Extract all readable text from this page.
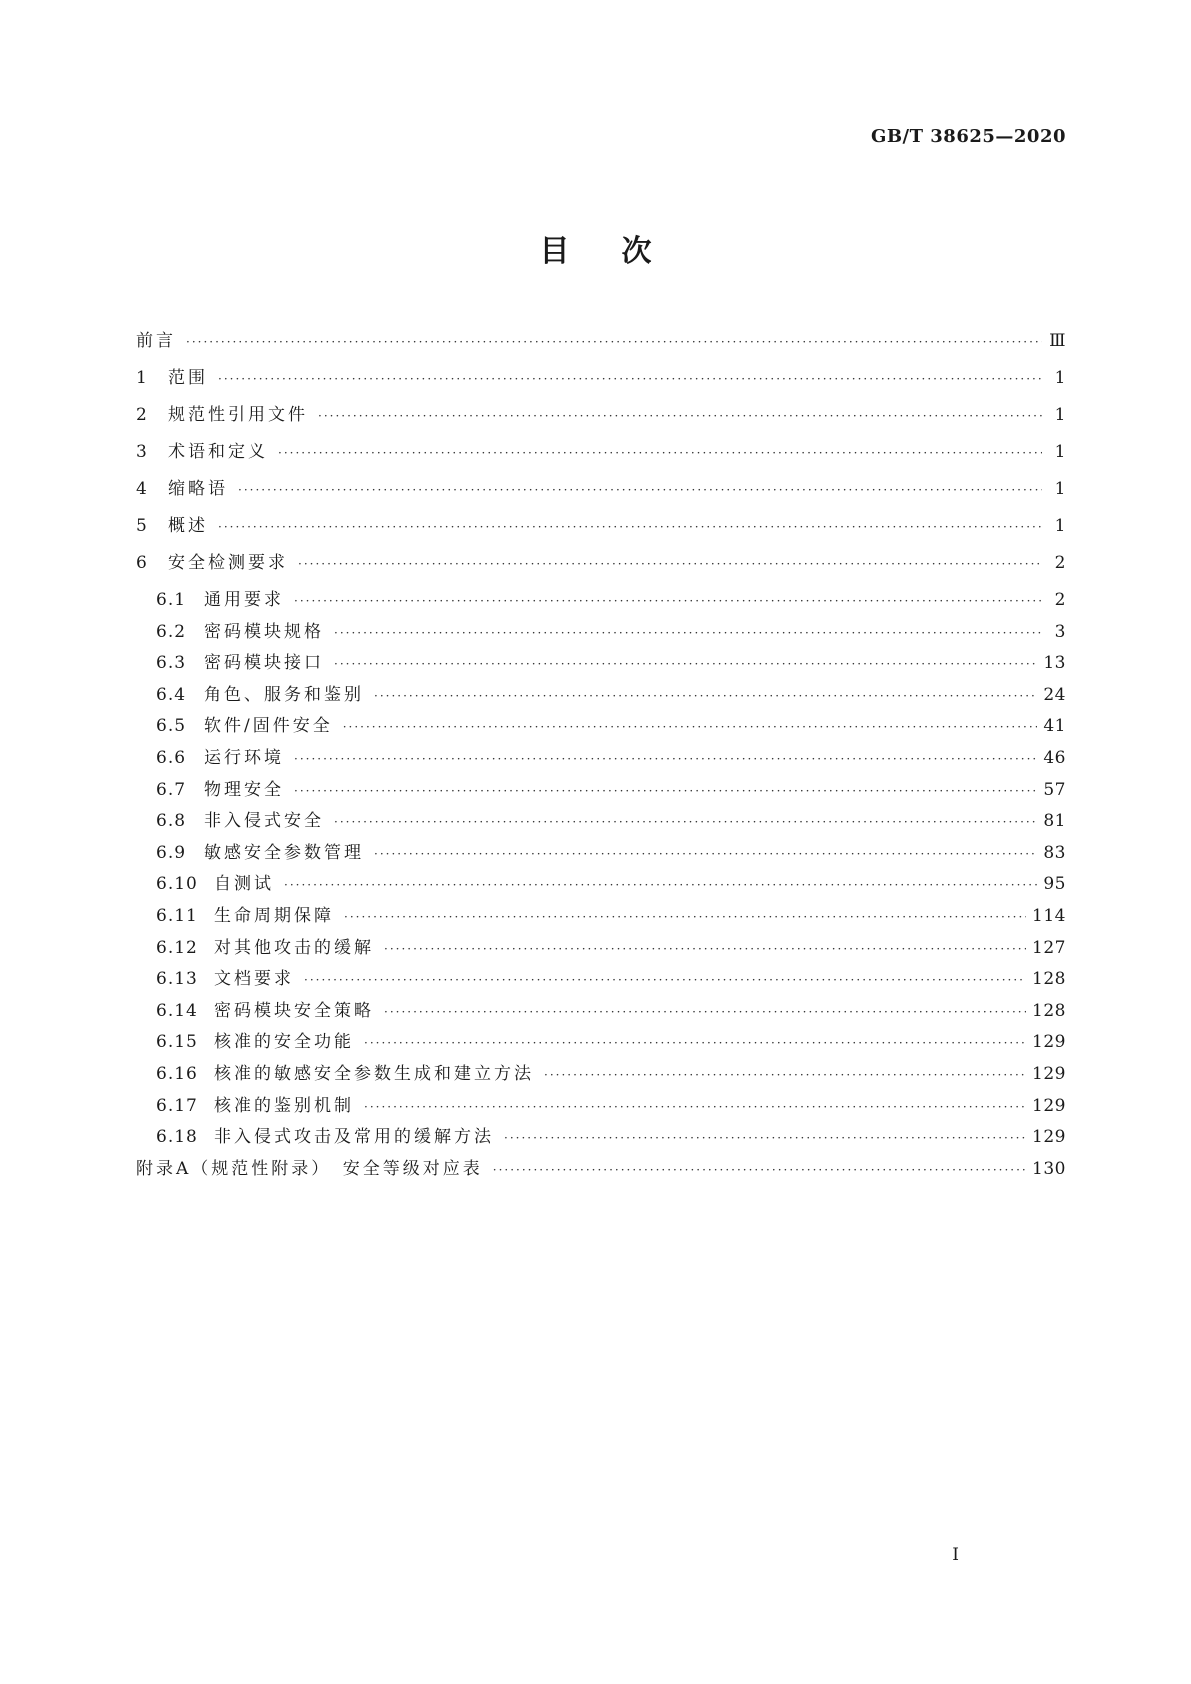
GB/T 38625—2020
目次
前言 ·····	Ⅲ
1 范围 ·····	1
2 规范性引用文件 ·····	1
3 术语和定义 ·····	1
4 缩略语 ·····	1
5 概述 ·····	1
6 安全检测要求 ·····	2
6.1 通用要求 ·····	2
6.2 密码模块规格 ·····	3
6.3 密码模块接口 ·····	13
6.4 角色、服务和鉴别 ·····	24
6.5 软件/固件安全 ·····	41
6.6 运行环境 ·····	46
6.7 物理安全 ·····	57
6.8 非入侵式安全 ·····	81
6.9 敏感安全参数管理 ·····	83
6.10 自测试 ·····	95
6.11 生命周期保障 ·····	114
6.12 对其他攻击的缓解 ·····	127
6.13 文档要求 ·····	128
6.14 密码模块安全策略 ·····	128
6.15 核准的安全功能 ·····	129
6.16 核准的敏感安全参数生成和建立方法 ·····	129
6.17 核准的鉴别机制 ·····	129
6.18 非入侵式攻击及常用的缓解方法 ·····	129
附录A（规范性附录）　安全等级对应表 ·····	130
I
